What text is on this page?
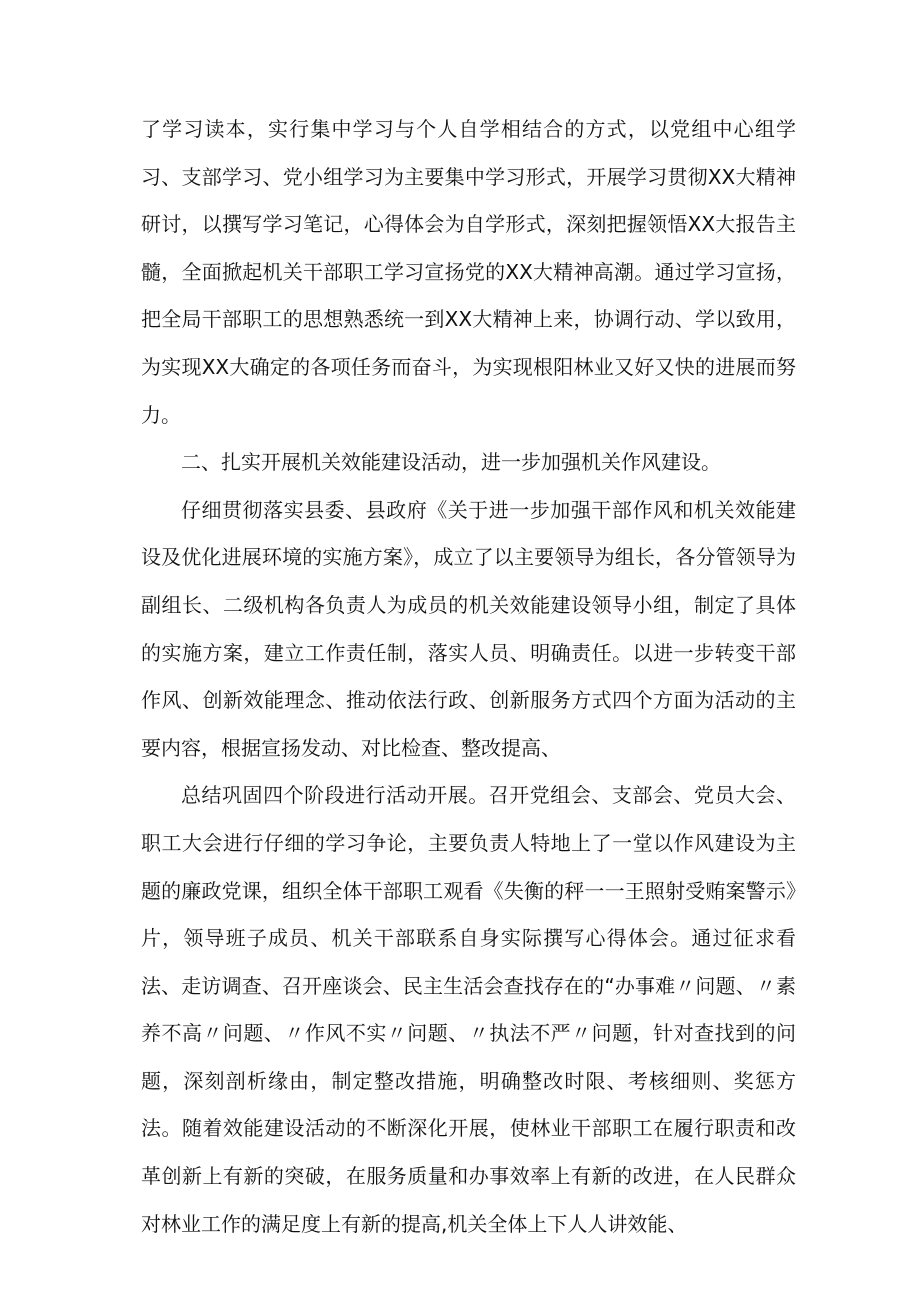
了学习读本，实行集中学习与个人自学相结合的方式，以党组中心组学习、支部学习、党小组学习为主要集中学习形式，开展学习贯彻XX大精神研讨，以撰写学习笔记，心得体会为自学形式，深刻把握领悟XX大报告主髓，全面掀起机关干部职工学习宣扬党的XX大精神高潮。通过学习宣扬，把全局干部职工的思想熟悉统一到XX大精神上来，协调行动、学以致用，为实现XX大确定的各项任务而奋斗，为实现根阳林业又好又快的进展而努力。

二、扎实开展机关效能建设活动，进一步加强机关作风建设。

仔细贯彻落实县委、县政府《关于进一步加强干部作风和机关效能建设及优化进展环境的实施方案》，成立了以主要领导为组长，各分管领导为副组长、二级机构各负责人为成员的机关效能建设领导小组，制定了具体的实施方案，建立工作责任制，落实人员、明确责任。以进一步转变干部作风、创新效能理念、推动依法行政、创新服务方式四个方面为活动的主要内容，根据宣扬发动、对比检查、整改提高、

总结巩固四个阶段进行活动开展。召开党组会、支部会、党员大会、职工大会进行仔细的学习争论，主要负责人特地上了一堂以作风建设为主题的廉政党课，组织全体干部职工观看《失衡的秤一一王照射受贿案警示》片，领导班子成员、机关干部联系自身实际撰写心得体会。通过征求看法、走访调查、召开座谈会、民主生活会查找存在的“办事难〃问题、〃素养不高〃问题、〃作风不实〃问题、〃执法不严〃问题，针对查找到的问题，深刻剖析缘由，制定整改措施，明确整改时限、考核细则、奖惩方法。随着效能建设活动的不断深化开展，使林业干部职工在履行职责和改革创新上有新的突破，在服务质量和办事效率上有新的改进，在人民群众对林业工作的满足度上有新的提高,机关全体上下人人讲效能、
